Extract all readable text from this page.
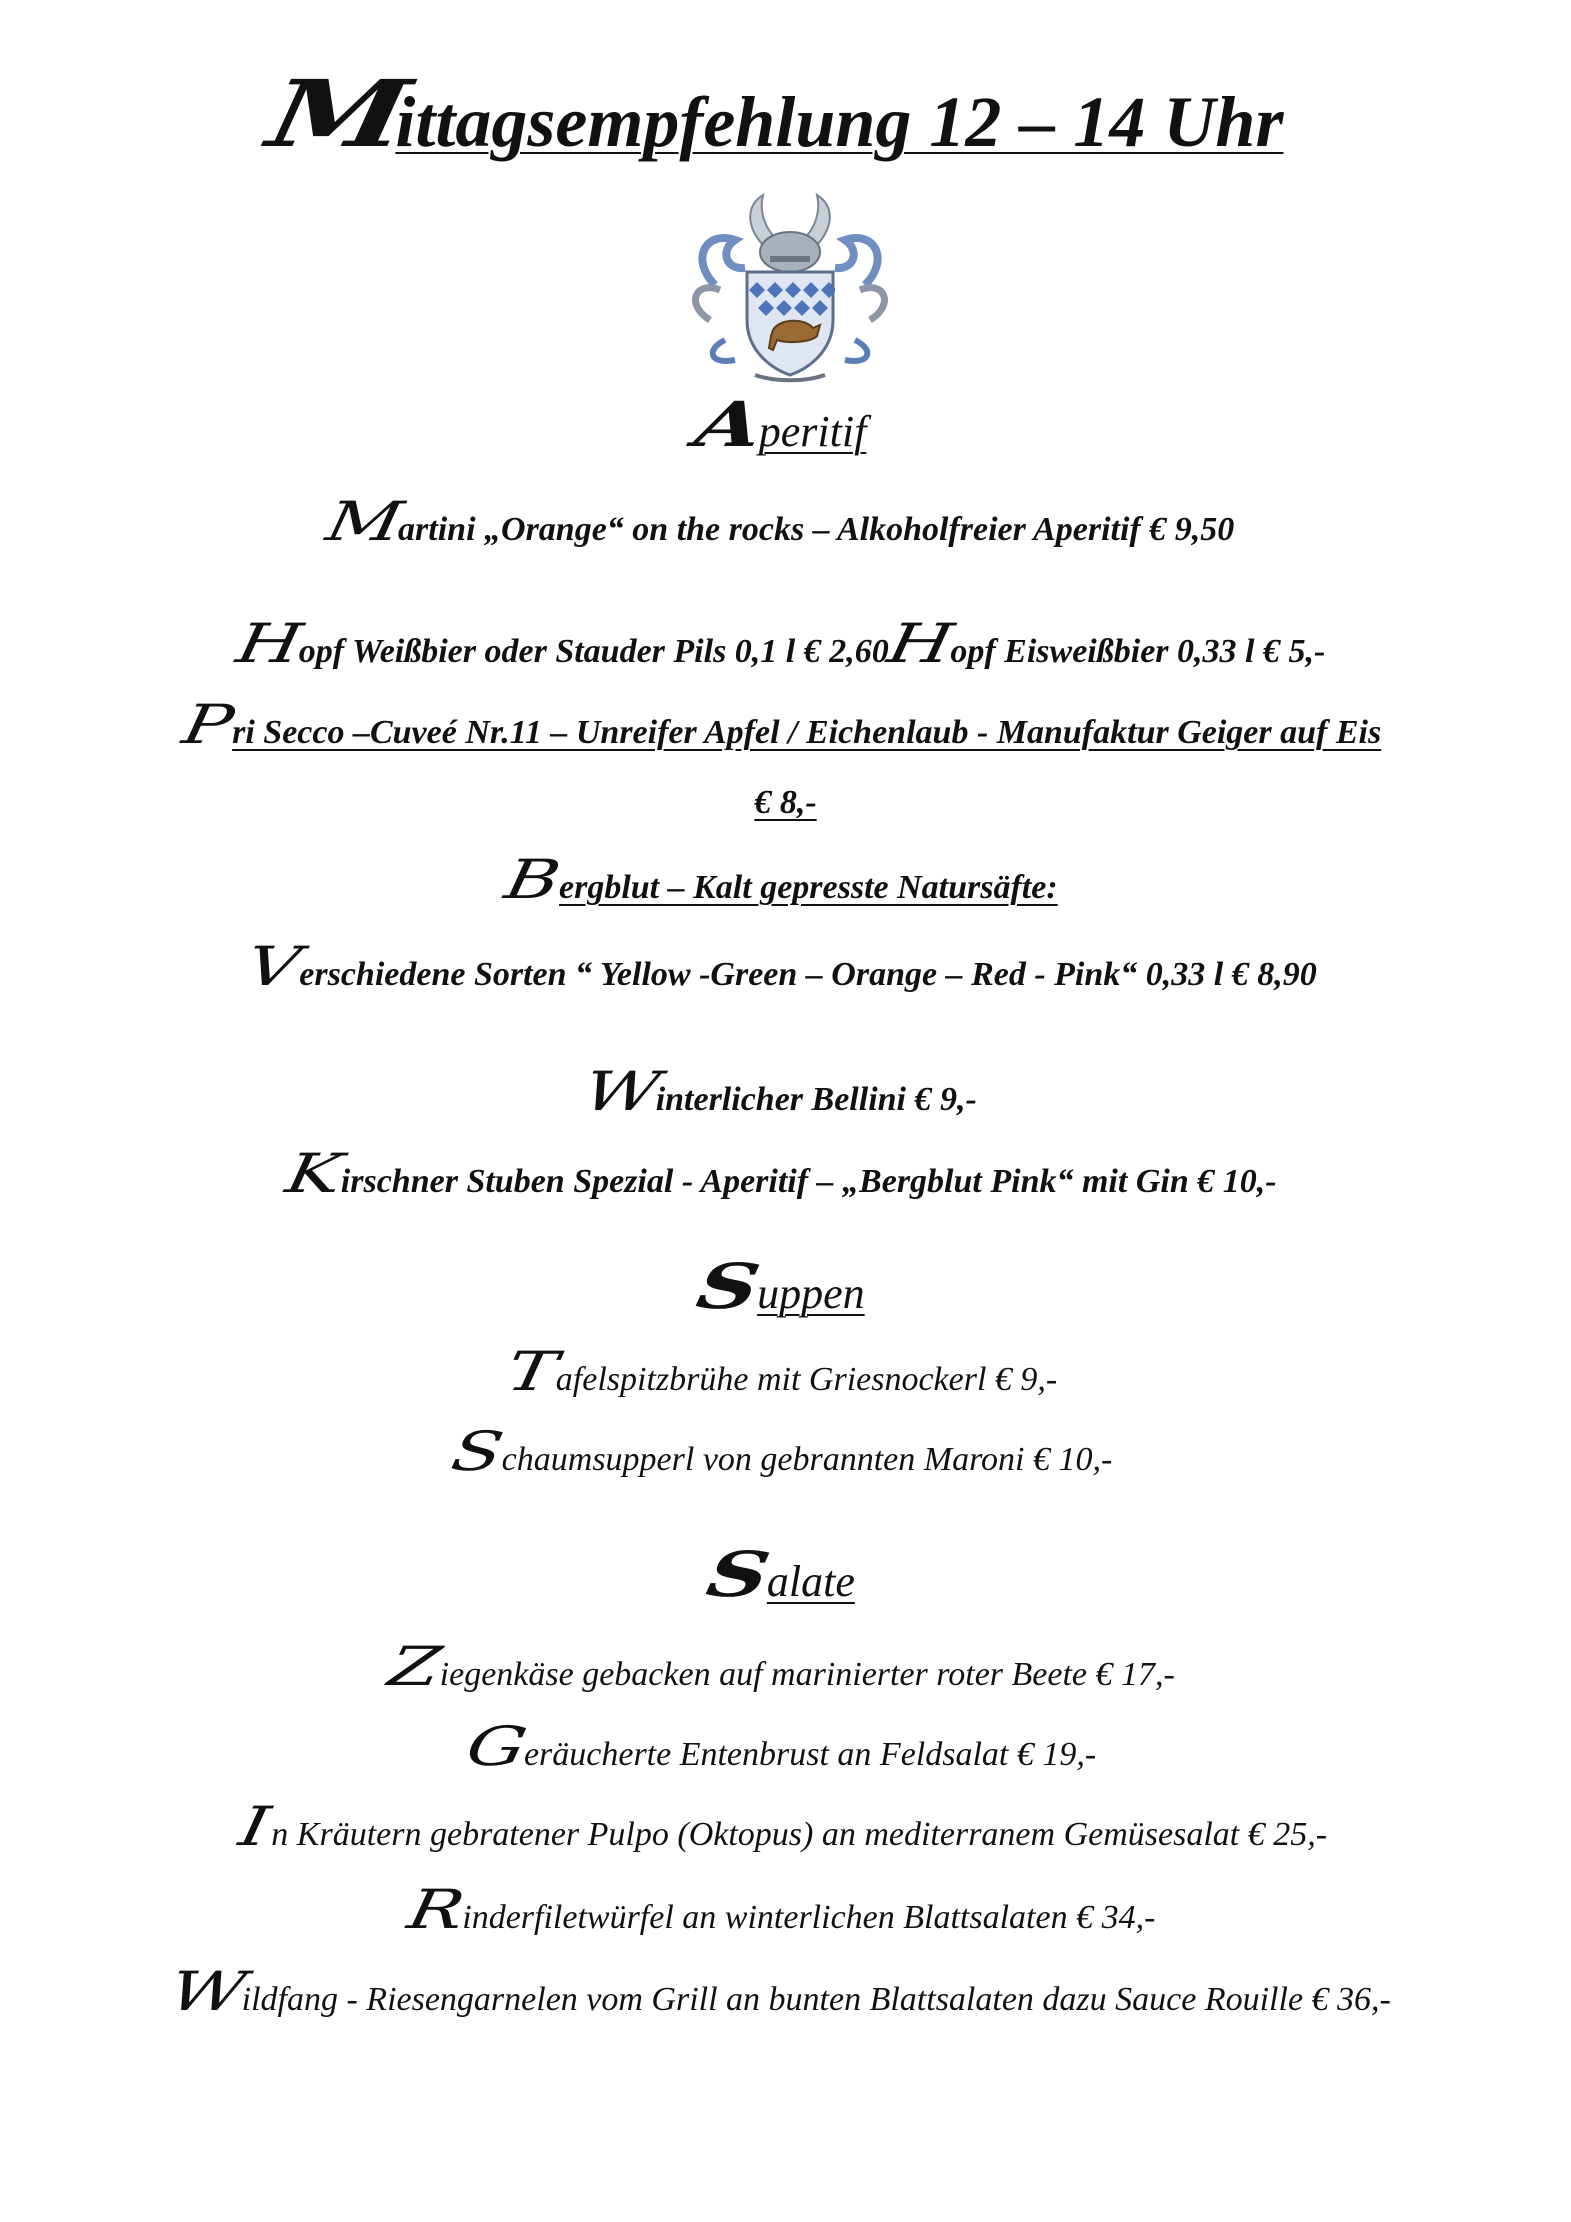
Mittagsempfehlung 12 – 14 Uhr
Aperitif
Martini „Orange“ on the rocks – Alkoholfreier Aperitif € 9,50
Hopf Weißbier oder Stauder Pils 0,1 l € 2,60 Hopf Eisweißbier 0,33 l € 5,-
Pri Secco –Cuveé Nr.11 – Unreifer Apfel / Eichenlaub - Manufaktur Geiger auf Eis
€ 8,-
Bergblut – Kalt gepresste Natursäfte:
Verschiedene Sorten “ Yellow -Green – Orange – Red - Pink“ 0,33 l € 8,90
Winterlicher Bellini € 9,-
Kirschner Stuben Spezial - Aperitif – „Bergblut Pink“ mit Gin € 10,-
Suppen
Tafelspitzbrühe mit Griesnockerl € 9,-
Schaumsupperl von gebrannten Maroni € 10,-
Salate
Ziegenkäse gebacken auf marinierter roter Beete € 17,-
Geräucherte Entenbrust an Feldsalat € 19,-
In Kräutern gebratener Pulpo (Oktopus) an mediterranem Gemüsesalat € 25,-
Rinderfiletwürfel an winterlichen Blattsalaten € 34,-
Wildfang - Riesengarnelen vom Grill an bunten Blattsalaten dazu Sauce Rouille € 36,-
